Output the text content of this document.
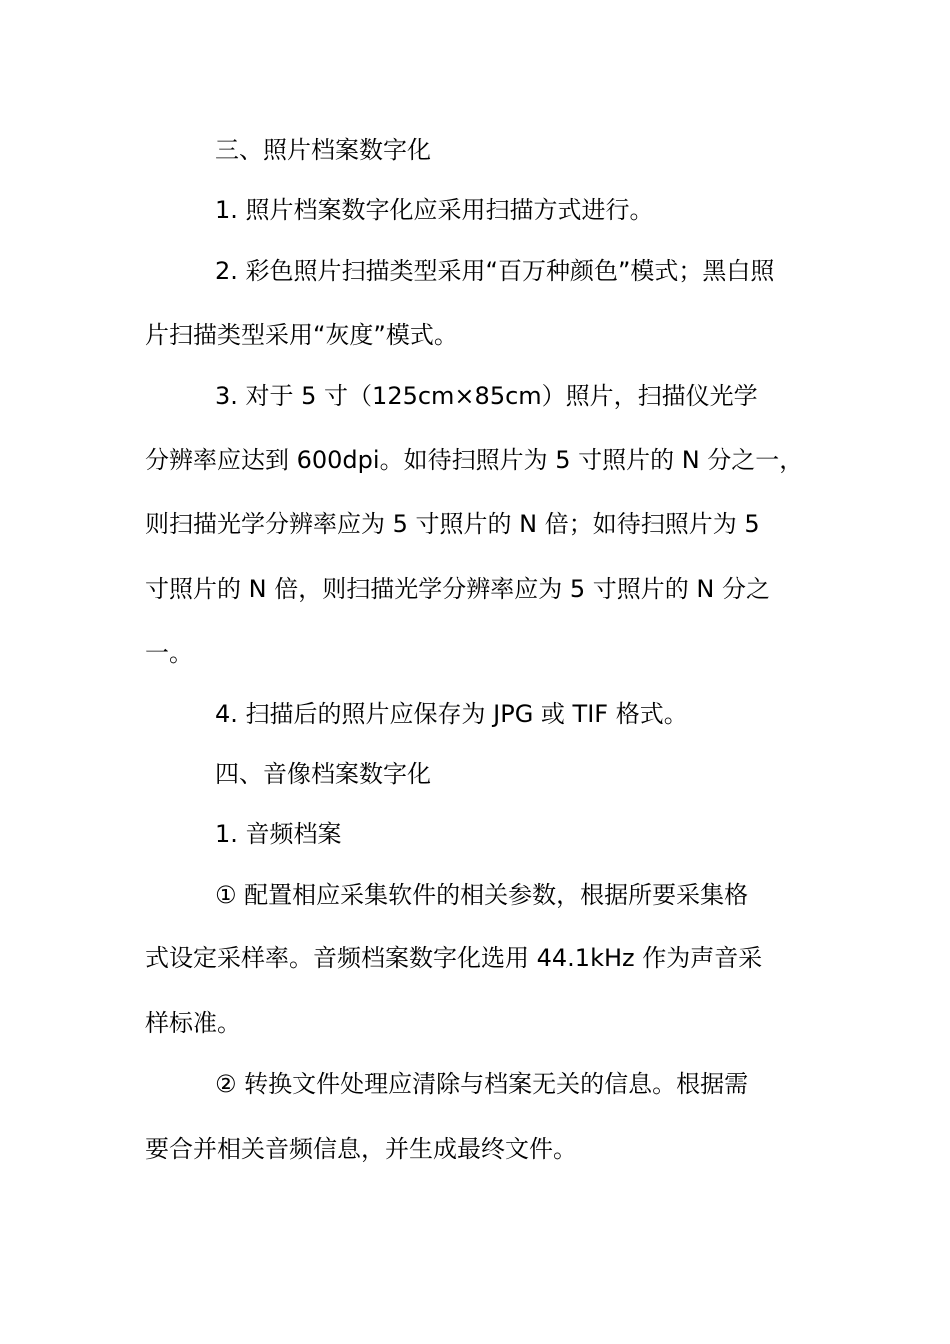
三、照片档案数字化
1. 照片档案数字化应采用扫描方式进行。
2. 彩色照片扫描类型采用“百万种颜色”模式；黑白照
片扫描类型采用“灰度”模式。
3. 对于 5 寸（125cm×85cm）照片，扫描仪光学
分辨率应达到 600dpi。如待扫照片为 5 寸照片的 N 分之一，
则扫描光学分辨率应为 5 寸照片的 N 倍；如待扫照片为 5
寸照片的 N 倍，则扫描光学分辨率应为 5 寸照片的 N 分之
一。
4. 扫描后的照片应保存为 JPG 或 TIF 格式。
四、音像档案数字化
1. 音频档案
① 配置相应采集软件的相关参数，根据所要采集格
式设定采样率。音频档案数字化选用 44.1kHz 作为声音采
样标准。
② 转换文件处理应清除与档案无关的信息。根据需
要合并相关音频信息，并生成最终文件。
